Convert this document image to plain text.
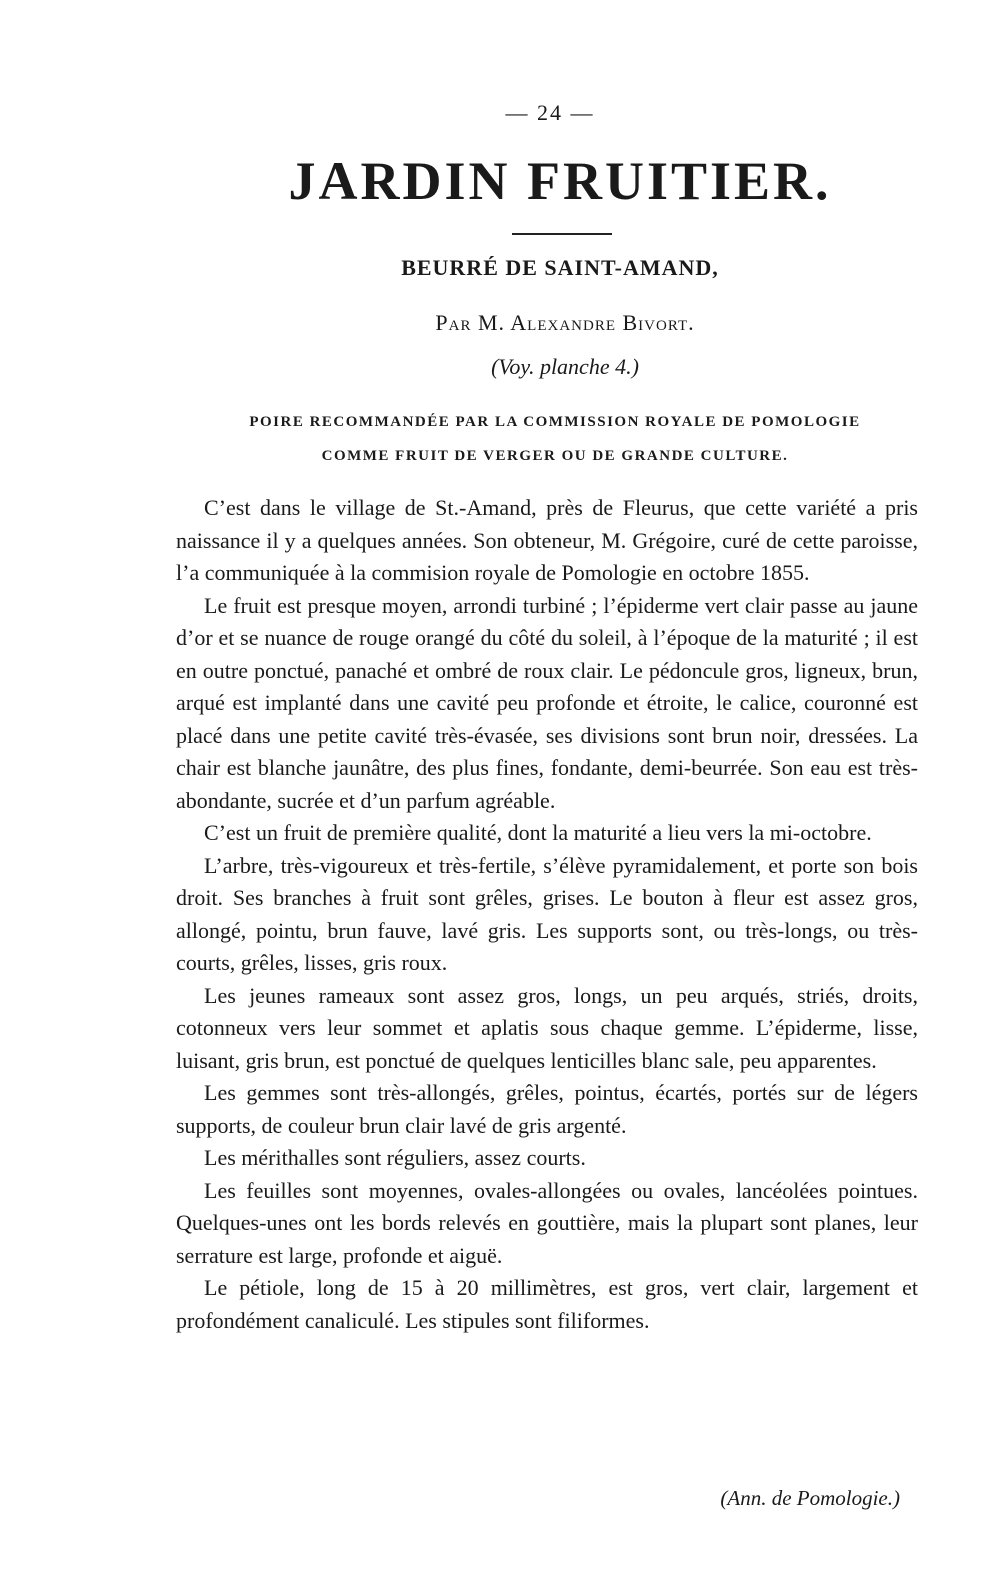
— 24 —
JARDIN FRUITIER.
BEURRÉ DE SAINT-AMAND,
Par M. Alexandre Bivort.
(Voy. planche 4.)
POIRE RECOMMANDÉE PAR LA COMMISSION ROYALE DE POMOLOGIE
COMME FRUIT DE VERGER OU DE GRANDE CULTURE.

C’est dans le village de St.-Amand, près de Fleurus, que cette variété a pris naissance il y a quelques années. Son obteneur, M. Grégoire, curé de cette paroisse, l’a communiquée à la commision royale de Pomologie en octobre 1855.

Le fruit est presque moyen, arrondi turbiné ; l’épiderme vert clair passe au jaune d’or et se nuance de rouge orangé du côté du soleil, à l’époque de la maturité ; il est en outre ponctué, panaché et ombré de roux clair. Le pédoncule gros, ligneux, brun, arqué est implanté dans une cavité peu profonde et étroite, le calice, couronné est placé dans une petite cavité très-évasée, ses divisions sont brun noir, dressées. La chair est blanche jaunâtre, des plus fines, fondante, demi-beurrée. Son eau est très-abondante, sucrée et d’un parfum agréable.

C’est un fruit de première qualité, dont la maturité a lieu vers la mi-octobre.

L’arbre, très-vigoureux et très-fertile, s’élève pyramidalement, et porte son bois droit. Ses branches à fruit sont grêles, grises. Le bouton à fleur est assez gros, allongé, pointu, brun fauve, lavé gris. Les supports sont, ou très-longs, ou très-courts, grêles, lisses, gris roux.

Les jeunes rameaux sont assez gros, longs, un peu arqués, striés, droits, cotonneux vers leur sommet et aplatis sous chaque gemme. L’épiderme, lisse, luisant, gris brun, est ponctué de quelques lenticilles blanc sale, peu apparentes.

Les gemmes sont très-allongés, grêles, pointus, écartés, portés sur de légers supports, de couleur brun clair lavé de gris argenté.

Les mérithalles sont réguliers, assez courts.

Les feuilles sont moyennes, ovales-allongées ou ovales, lancéolées pointues. Quelques-unes ont les bords relevés en gouttière, mais la plupart sont planes, leur serrature est large, profonde et aiguë.

Le pétiole, long de 15 à 20 millimètres, est gros, vert clair, largement et profondément canaliculé. Les stipules sont filiformes.

(Ann. de Pomologie.)
